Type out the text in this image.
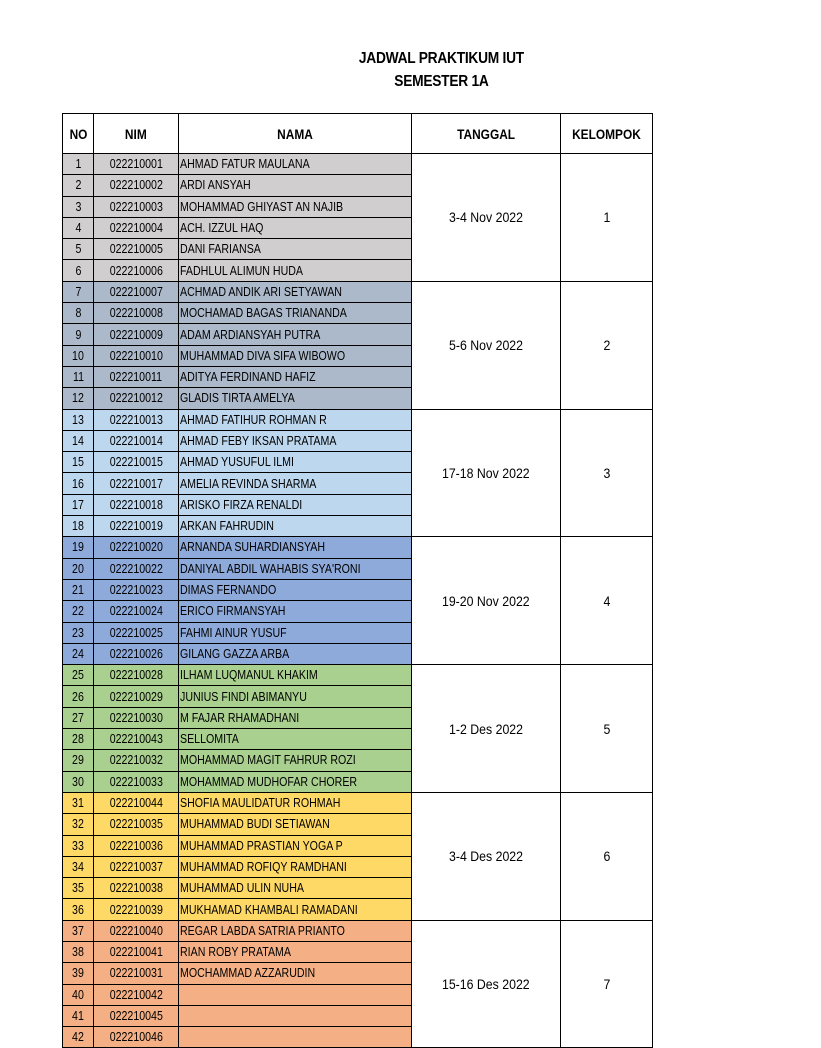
JADWAL PRAKTIKUM IUT
SEMESTER 1A
NO	NIM	NAMA	TANGGAL	KELOMPOK
1	022210001	AHMAD FATUR MAULANA	3-4 Nov 2022	1
2	022210002	ARDI ANSYAH		
3	022210003	MOHAMMAD GHIYAST AN NAJIB		
4	022210004	ACH. IZZUL HAQ		
5	022210005	DANI FARIANSA		
6	022210006	FADHLUL ALIMUN HUDA		
7	022210007	ACHMAD ANDIK ARI SETYAWAN	5-6 Nov 2022	2
8	022210008	MOCHAMAD BAGAS TRIANANDA		
9	022210009	ADAM ARDIANSYAH PUTRA		
10	022210010	MUHAMMAD DIVA SIFA WIBOWO		
11	022210011	ADITYA FERDINAND HAFIZ		
12	022210012	GLADIS TIRTA AMELYA		
13	022210013	AHMAD FATIHUR ROHMAN R	17-18 Nov 2022	3
14	022210014	AHMAD FEBY IKSAN PRATAMA		
15	022210015	AHMAD YUSUFUL ILMI		
16	022210017	AMELIA REVINDA SHARMA		
17	022210018	ARISKO FIRZA RENALDI		
18	022210019	ARKAN FAHRUDIN		
19	022210020	ARNANDA SUHARDIANSYAH	19-20 Nov 2022	4
20	022210022	DANIYAL ABDIL WAHABIS SYA'RONI		
21	022210023	DIMAS FERNANDO		
22	022210024	ERICO FIRMANSYAH		
23	022210025	FAHMI AINUR YUSUF		
24	022210026	GILANG GAZZA ARBA		
25	022210028	ILHAM LUQMANUL KHAKIM	1-2 Des 2022	5
26	022210029	JUNIUS FINDI ABIMANYU		
27	022210030	M FAJAR RHAMADHANI		
28	022210043	SELLOMITA		
29	022210032	MOHAMMAD MAGIT FAHRUR ROZI		
30	022210033	MOHAMMAD MUDHOFAR CHORER		
31	022210044	SHOFIA MAULIDATUR ROHMAH	3-4 Des 2022	6
32	022210035	MUHAMMAD BUDI SETIAWAN		
33	022210036	MUHAMMAD PRASTIAN YOGA P		
34	022210037	MUHAMMAD ROFIQY RAMDHANI		
35	022210038	MUHAMMAD ULIN NUHA		
36	022210039	MUKHAMAD KHAMBALI RAMADANI		
37	022210040	REGAR LABDA SATRIA PRIANTO	15-16 Des 2022	7
38	022210041	RIAN ROBY PRATAMA		
39	022210031	MOCHAMMAD AZZARUDIN		
40	022210042			
41	022210045			
42	022210046			
